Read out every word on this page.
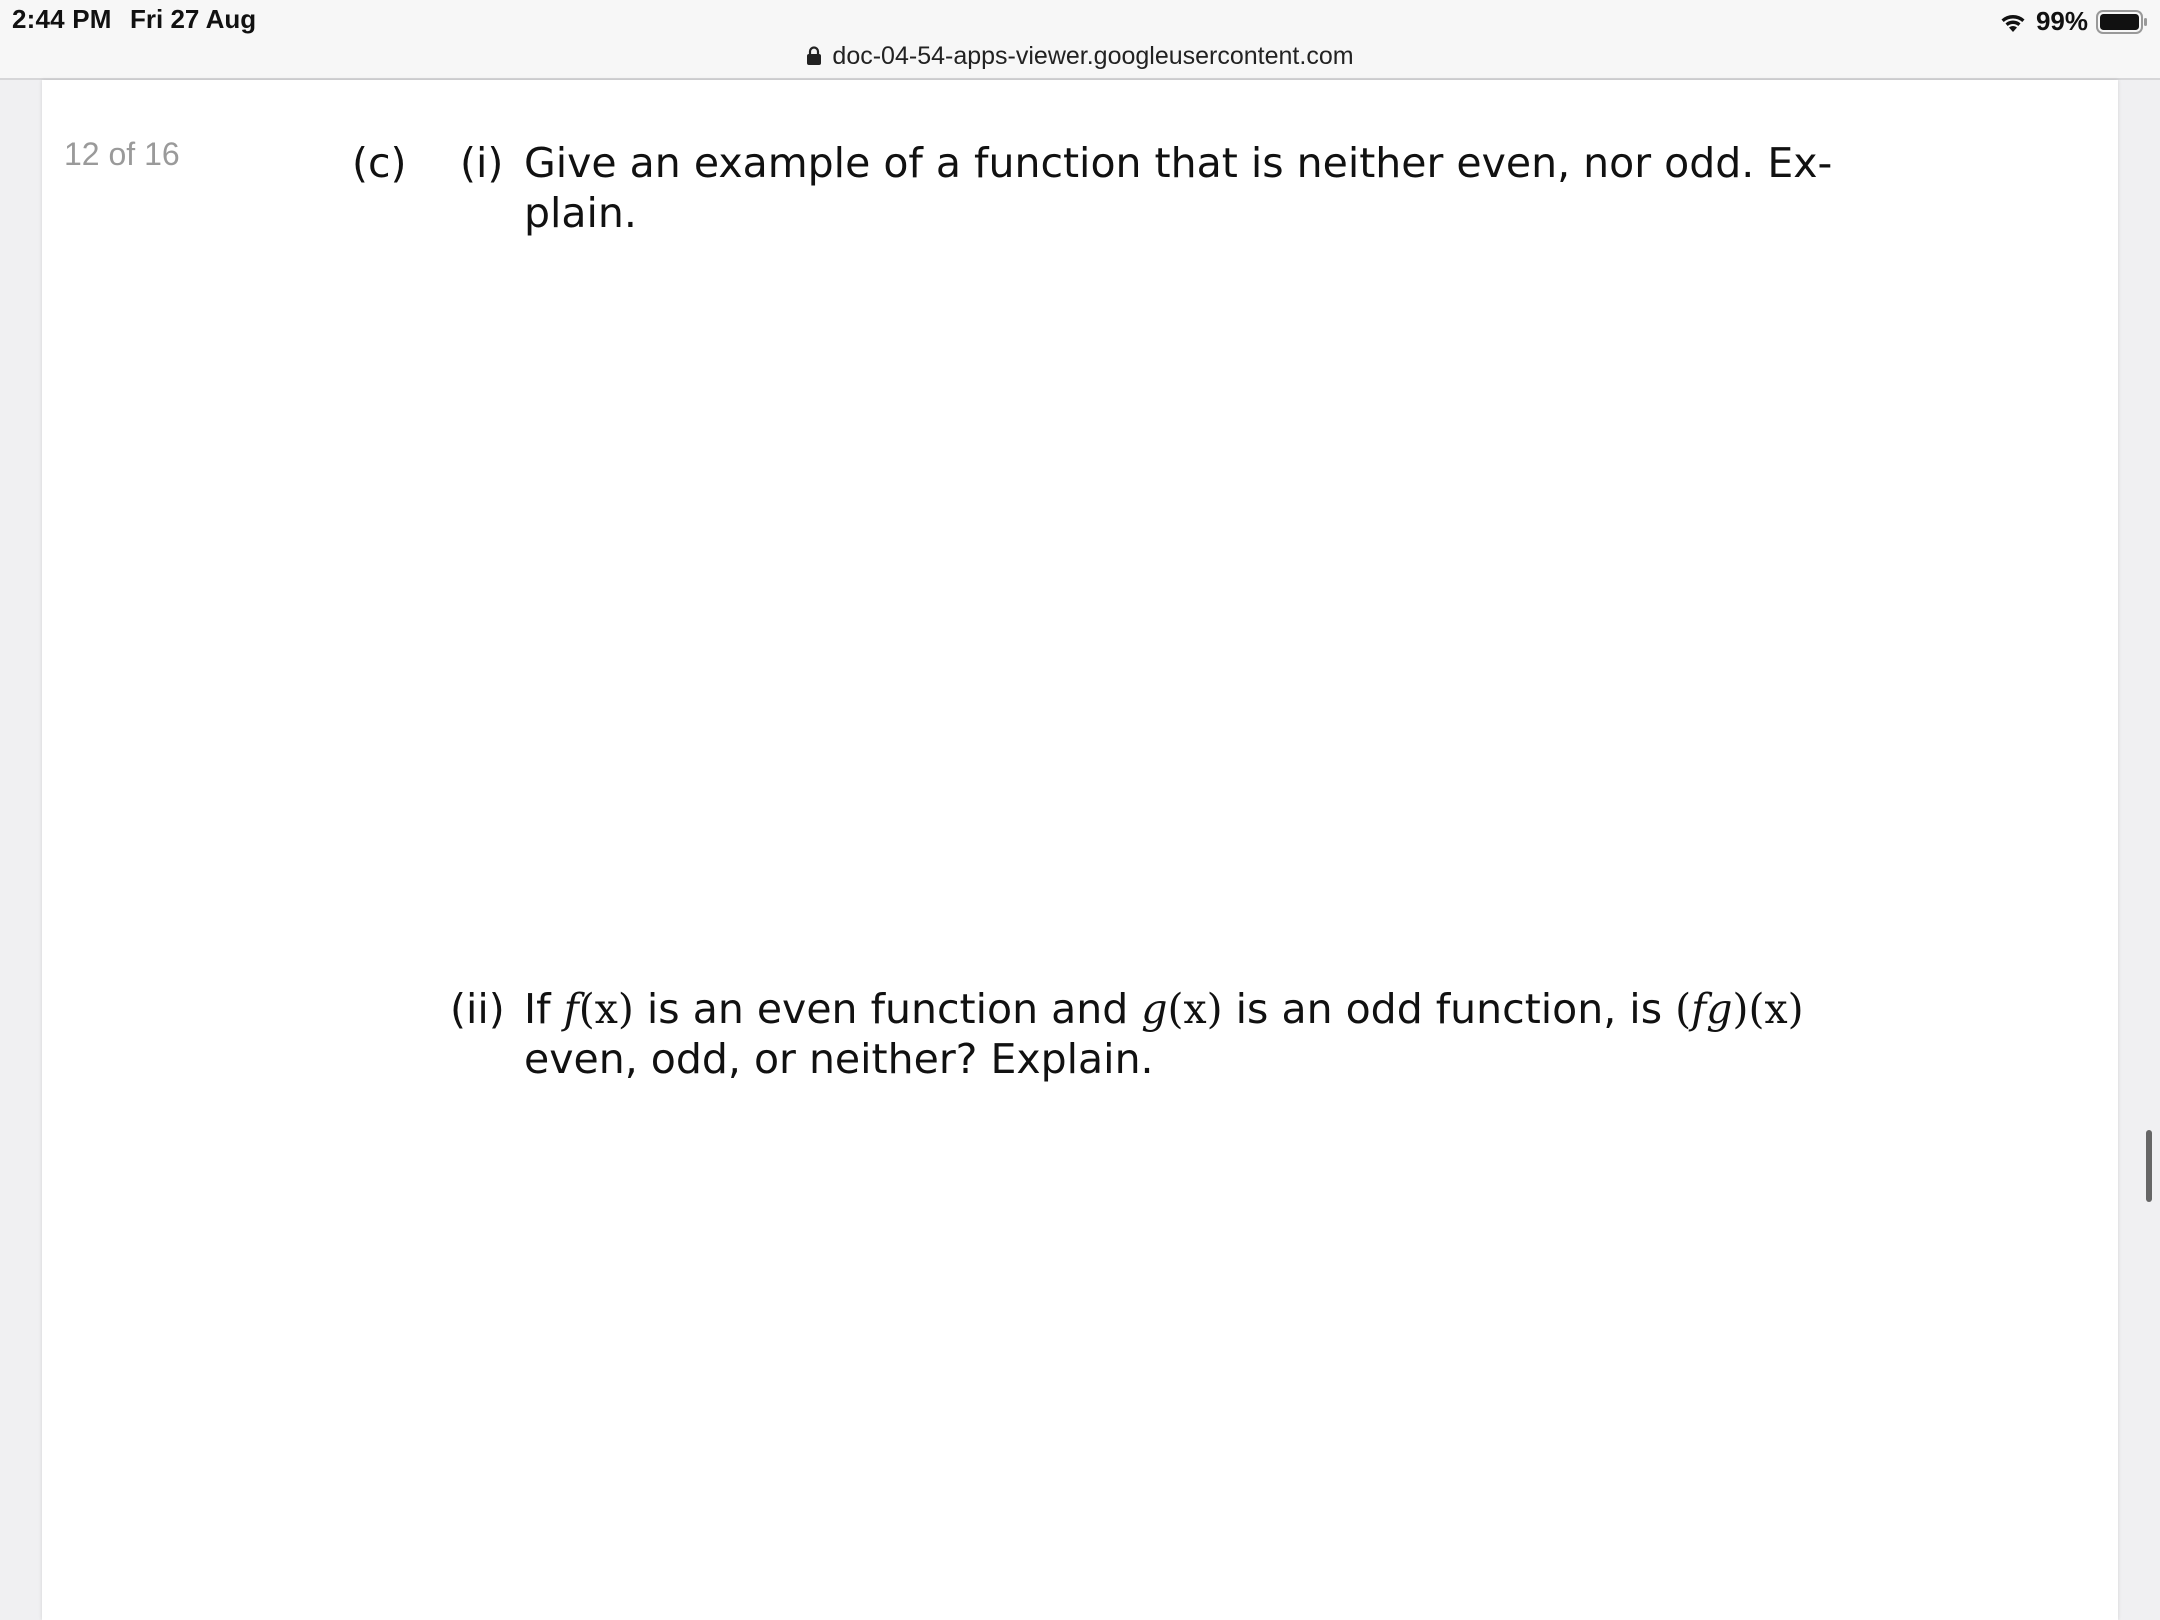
2:44 PM Fri 27 Aug	99%
doc-04-54-apps-viewer.googleusercontent.com
12 of 16	(c) (i) Give an example of a function that is neither even, nor odd. Ex-
plain.
(ii) If f(x) is an even function and g(x) is an odd function, is (fg)(x)
even, odd, or neither? Explain.
